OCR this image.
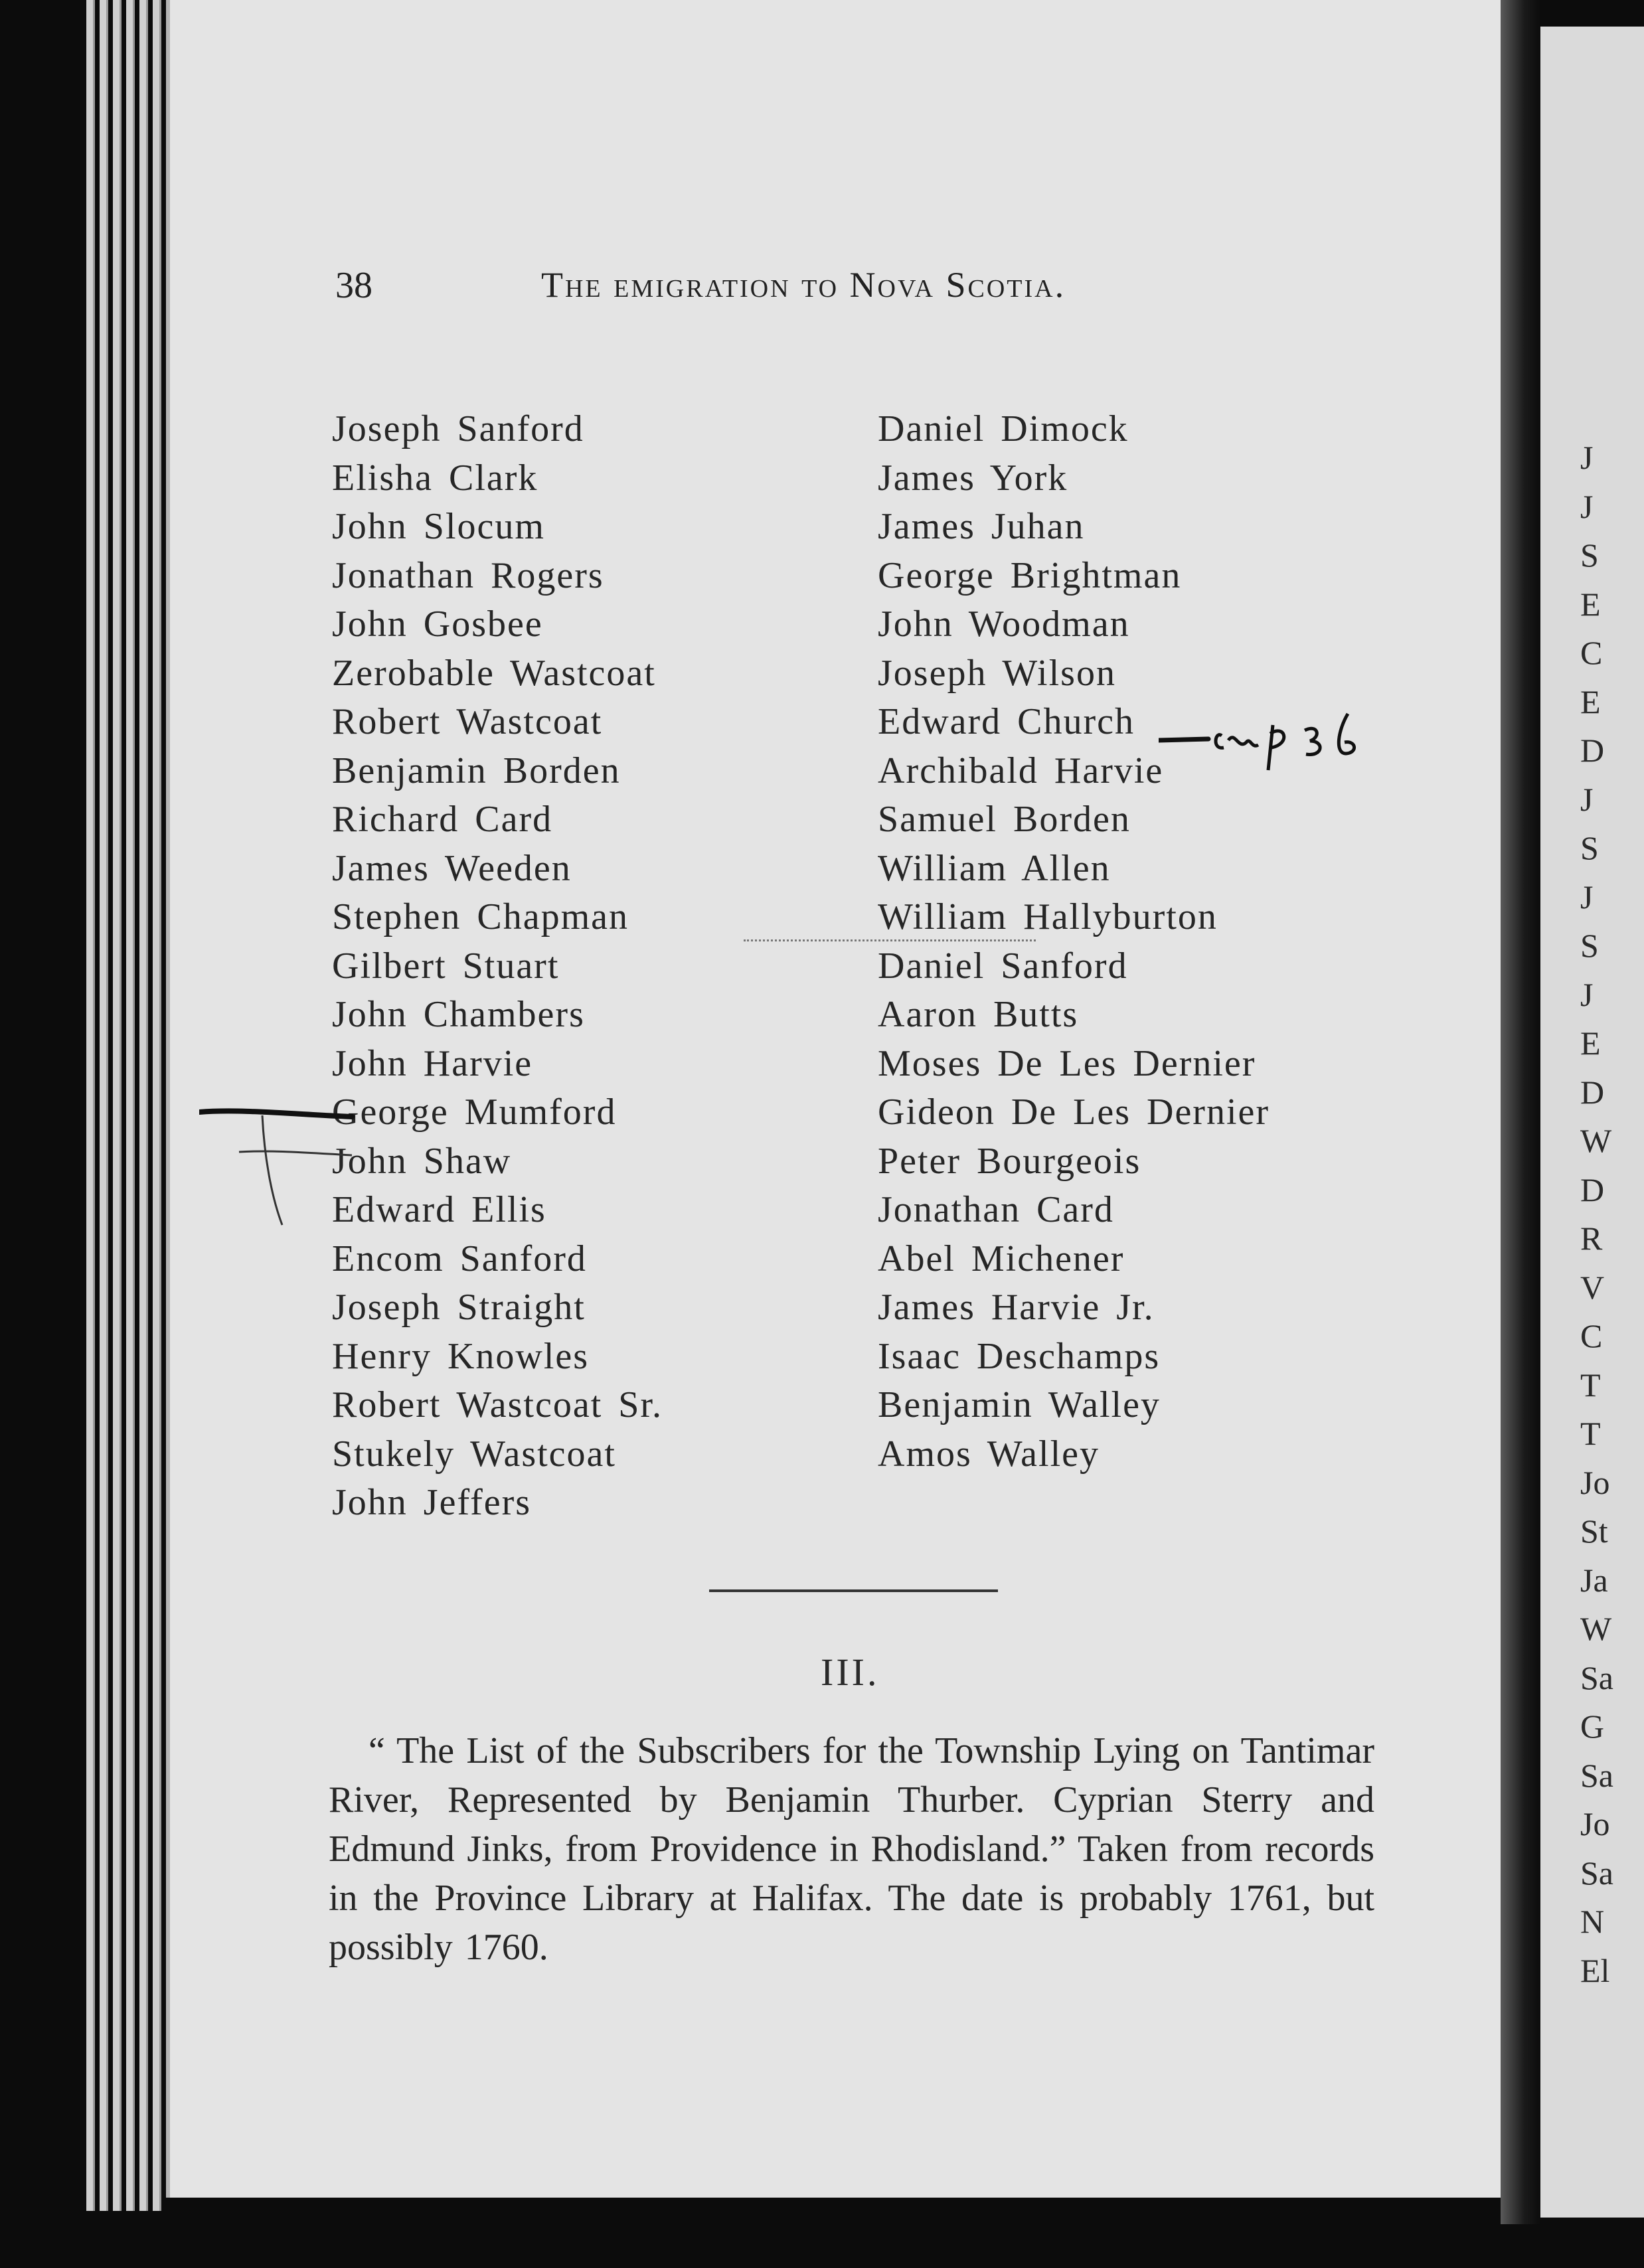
J
J
S
E
C
E
D
J
S
J
S
J
E
D
W
D
R
V
C
T
T
Jo
St
Ja
W
Sa
G
Sa
Jo
Sa
N
El
38	The emigration to Nova Scotia.
Joseph Sanford
Elisha Clark
John Slocum
Jonathan Rogers
John Gosbee
Zerobable Wastcoat
Robert Wastcoat
Benjamin Borden
Richard Card
James Weeden
Stephen Chapman
Gilbert Stuart
John Chambers
John Harvie
George Mumford
John Shaw
Edward Ellis
Encom Sanford
Joseph Straight
Henry Knowles
Robert Wastcoat Sr.
Stukely Wastcoat
John Jeffers
Daniel Dimock
James York
James Juhan
George Brightman
John Woodman
Joseph Wilson
Edward Church
Archibald Harvie
Samuel Borden
William Allen
William Hallyburton
Daniel Sanford
Aaron Butts
Moses De Les Dernier
Gideon De Les Dernier
Peter Bourgeois
Jonathan Card
Abel Michener
James Harvie Jr.
Isaac Deschamps
Benjamin Walley
Amos Walley
III.

“ The List of the Subscribers for the Township Lying on Tantimar River, Represented by Benjamin Thurber. Cyprian Sterry and Edmund Jinks, from Providence in Rhodisland.” Taken from records in the Province Library at Halifax. The date is probably 1761, but possibly 1760.
